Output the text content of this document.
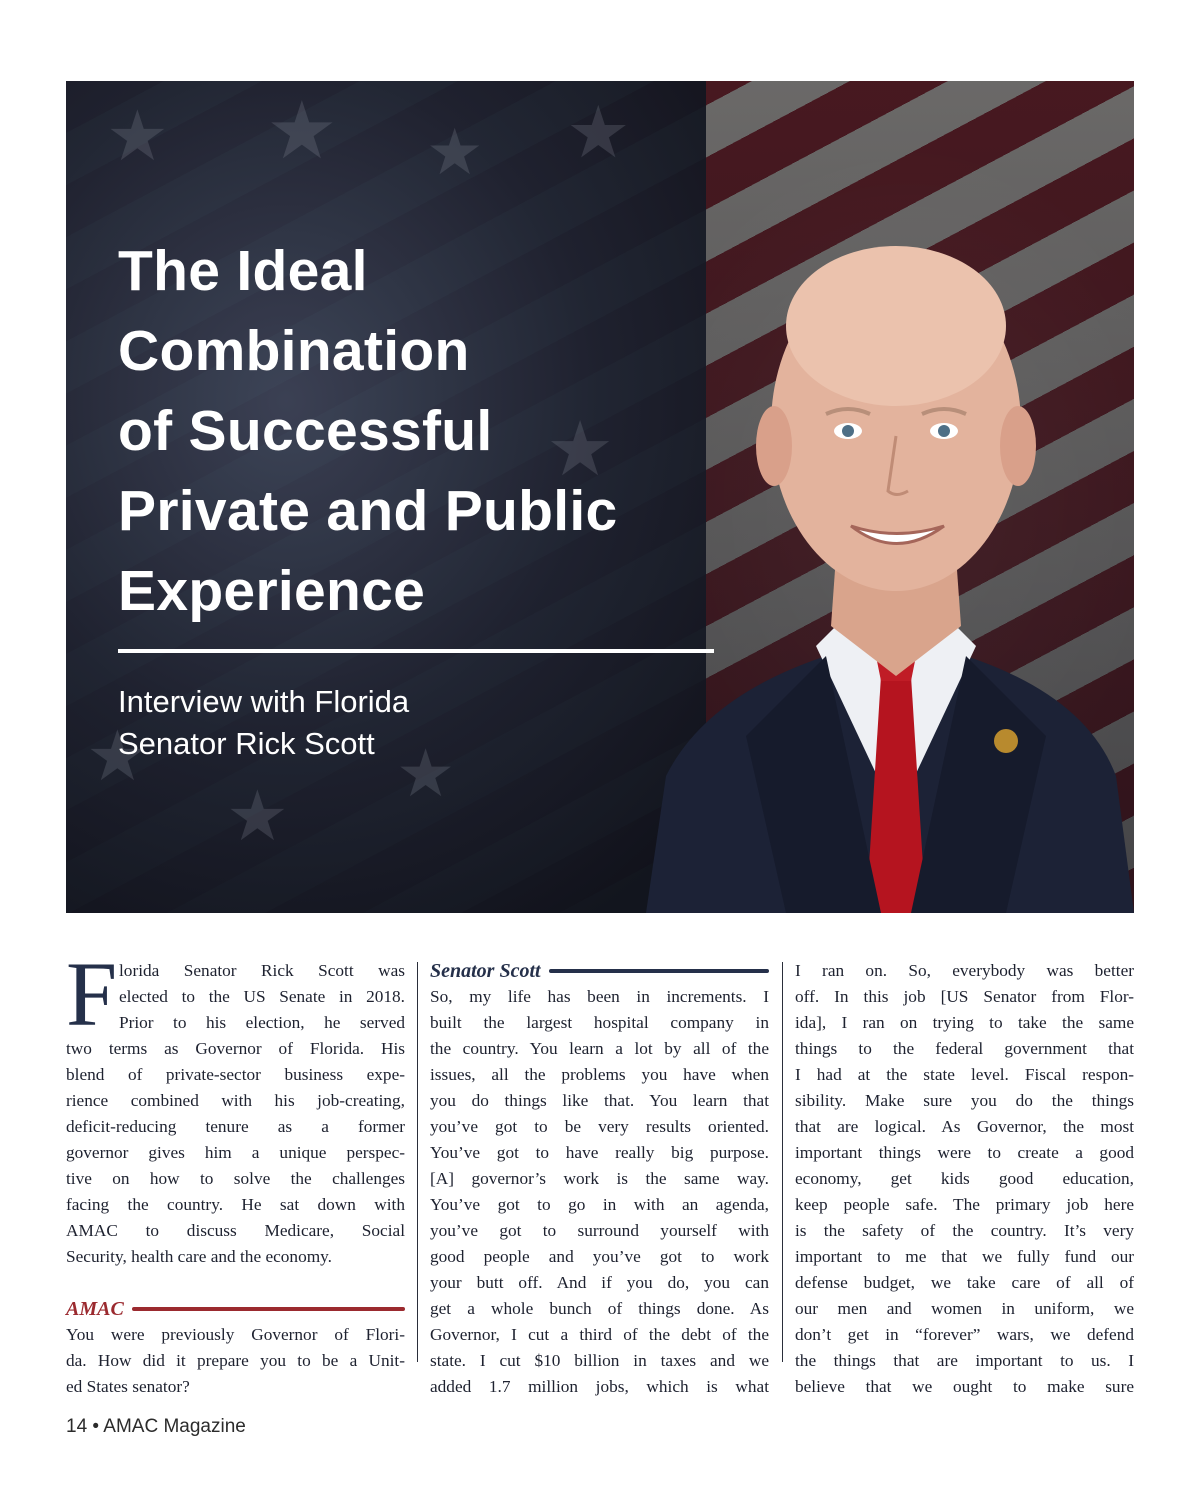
★ ★ ★ ★
★
★
★
★
The Ideal
Combination
of Successful
Private and Public
Experience
Interview with Florida
Senator Rick Scott
F lorida Senator Rick Scott was
elected to the US Senate in 2018.
Prior to his election, he served
two terms as Governor of Florida. His
blend of private-sector business expe-
rience combined with his job-creating,
deficit-reducing tenure as a former
governor gives him a unique perspec-
tive on how to solve the challenges
facing the country. He sat down with
AMAC to discuss Medicare, Social
Security, health care and the economy.
AMAC
You were previously Governor of Flori-
da. How did it prepare you to be a Unit-
ed States senator?
Senator Scott
So, my life has been in increments. I
built the largest hospital company in
the country. You learn a lot by all of the
issues, all the problems you have when
you do things like that. You learn that
you’ve got to be very results oriented.
You’ve got to have really big purpose.
[A] governor’s work is the same way.
You’ve got to go in with an agenda,
you’ve got to surround yourself with
good people and you’ve got to work
your butt off. And if you do, you can
get a whole bunch of things done. As
Governor, I cut a third of the debt of the
state. I cut $10 billion in taxes and we
added 1.7 million jobs, which is what
I ran on. So, everybody was better
off. In this job [US Senator from Flor-
ida], I ran on trying to take the same
things to the federal government that
I had at the state level. Fiscal respon-
sibility. Make sure you do the things
that are logical. As Governor, the most
important things were to create a good
economy, get kids good education,
keep people safe. The primary job here
is the safety of the country. It’s very
important to me that we fully fund our
defense budget, we take care of all of
our men and women in uniform, we
don’t get in “forever” wars, we defend
the things that are important to us. I
believe that we ought to make sure
14 • AMAC Magazine
